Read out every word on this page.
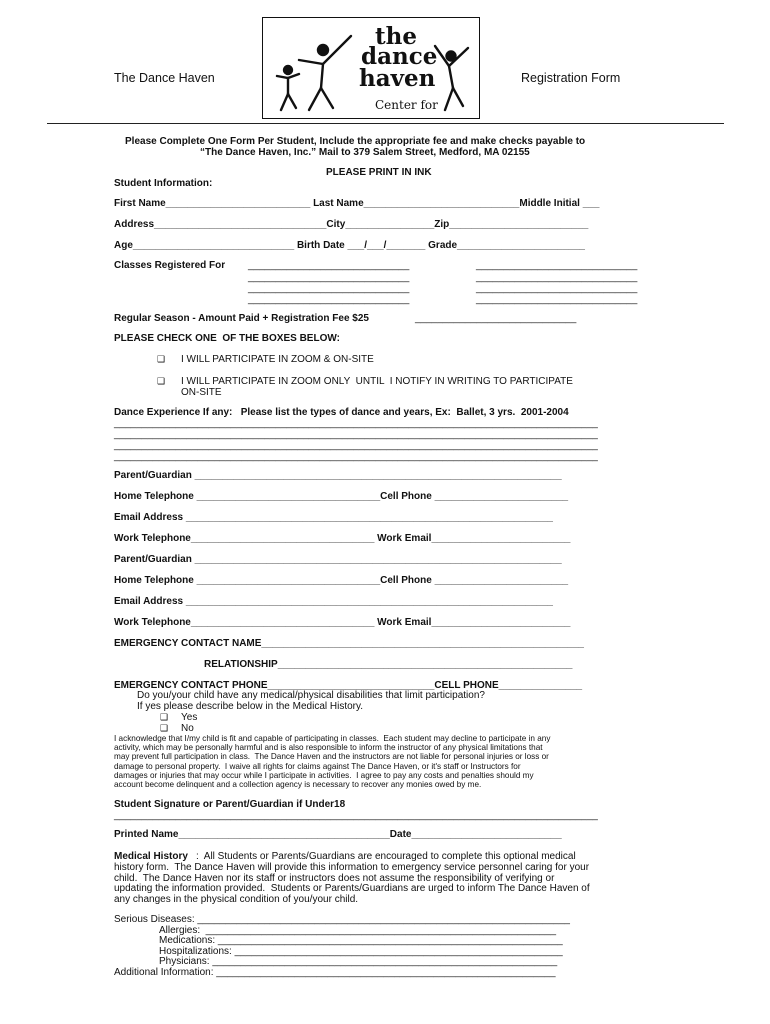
The Dance Haven	Registration Form
the
dance
haven
Center for
Please Complete One Form Per Student, Include the appropriate fee and make checks payable to
“The Dance Haven, Inc.” Mail to 379 Salem Street, Medford, MA 02155
PLEASE PRINT IN INK
Student Information:
First Name__________________________ Last Name____________________________Middle Initial ___
Address_______________________________City________________Zip_________________________
Age_____________________________ Birth Date ___/___/_______ Grade_______________________
Classes Registered For _____________________________
_____________________________
_____________________________
_____________________________
_____________________________
_____________________________
_____________________________
_____________________________
Regular Season - Amount Paid + Registration Fee $25	_____________________________
PLEASE CHECK ONE  OF THE BOXES BELOW:
❑ I WILL PARTICIPATE IN ZOOM & ON-SITE
❑ I WILL PARTICIPATE IN ZOOM ONLY  UNTIL  I NOTIFY IN WRITING TO PARTICIPATE
ON-SITE
Dance Experience If any:   Please list the types of dance and years, Ex:  Ballet, 3 yrs.  2001-2004
_______________________________________________________________________________________
_______________________________________________________________________________________
_______________________________________________________________________________________
_______________________________________________________________________________________
Parent/Guardian __________________________________________________________________
Home Telephone _________________________________Cell Phone ________________________
Email Address __________________________________________________________________
Work Telephone_________________________________ Work Email_________________________
Parent/Guardian __________________________________________________________________
Home Telephone _________________________________Cell Phone ________________________
Email Address __________________________________________________________________
Work Telephone_________________________________ Work Email_________________________
EMERGENCY CONTACT NAME__________________________________________________________
RELATIONSHIP_____________________________________________________
EMERGENCY CONTACT PHONE______________________________CELL PHONE_______________
Do you/your child have any medical/physical disabilities that limit participation?
If yes please describe below in the Medical History.
❑ Yes
❑ No
I acknowledge that I/my child is fit and capable of participating in classes.  Each student may decline to participate in any
activity, which may be personally harmful and is also responsible to inform the instructor of any physical limitations that
may prevent full participation in class.  The Dance Haven and the instructors are not liable for personal injuries or loss or
damage to personal property.  I waive all rights for claims against The Dance Haven, or it's staff or Instructors for
damages or injuries that may occur while I participate in activities.  I agree to pay any costs and penalties should my
account become delinquent and a collection agency is necessary to recover any monies owed by me.
Student Signature or Parent/Guardian if Under18
_______________________________________________________________________________________
Printed Name______________________________________Date___________________________
Medical History :  All Students or Parents/Guardians are encouraged to complete this optional medical
history form.  The Dance Haven will provide this information to emergency service personnel caring for your
child.  The Dance Haven nor its staff or instructors does not assume the responsibility of verifying or
updating the information provided.  Students or Parents/Guardians are urged to inform The Dance Haven of
any changes in the physical condition of you/your child.
Serious Diseases: ___________________________________________________________________
Allergies:  _______________________________________________________________
Medications: ______________________________________________________________
Hospitalizations: ___________________________________________________________
Physicians: ______________________________________________________________
Additional Information: _____________________________________________________________
